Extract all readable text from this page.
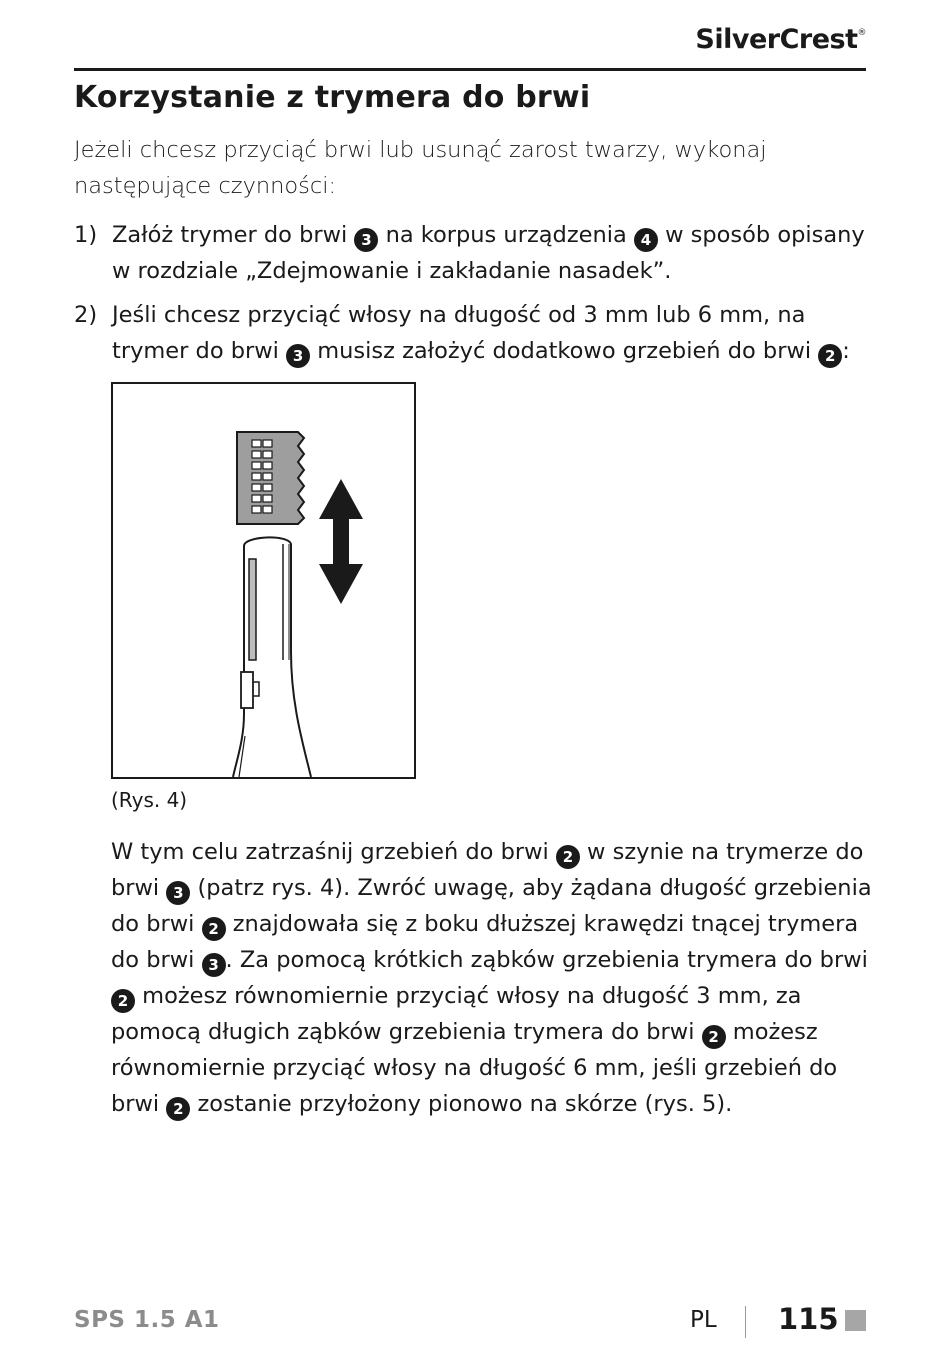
SilverCrest®
Korzystanie z trymera do brwi

Jeżeli chcesz przyciąć brwi lub usunąć zarost twarzy, wykonaj następujące czynności:

1) Załóż trymer do brwi 3 na korpus urządzenia 4 w sposób opisany w rozdziale „Zdejmowanie i zakładanie nasadek”.
2) Jeśli chcesz przyciąć włosy na długość od 3 mm lub 6 mm, na trymer do brwi 3 musisz założyć dodatkowo grzebień do brwi 2 :
(Rys. 4)
W tym celu zatrzaśnij grzebień do brwi 2 w szynie na trymerze do brwi 3 (patrz rys. 4). Zwróć uwagę, aby żądana długość grzebienia do brwi 2 znajdowała się z boku dłuższej krawędzi tnącej trymera do brwi 3 . Za pomocą krótkich ząbków grzebienia trymera do brwi 2 możesz równomiernie przyciąć włosy na długość 3 mm, za pomocą długich ząbków grzebienia trymera do brwi 2 możesz równomiernie przyciąć włosy na długość 6 mm, jeśli grzebień do brwi 2 zostanie przyłożony pionowo na skórze (rys. 5).
SPS 1.5 A1	PL 115
